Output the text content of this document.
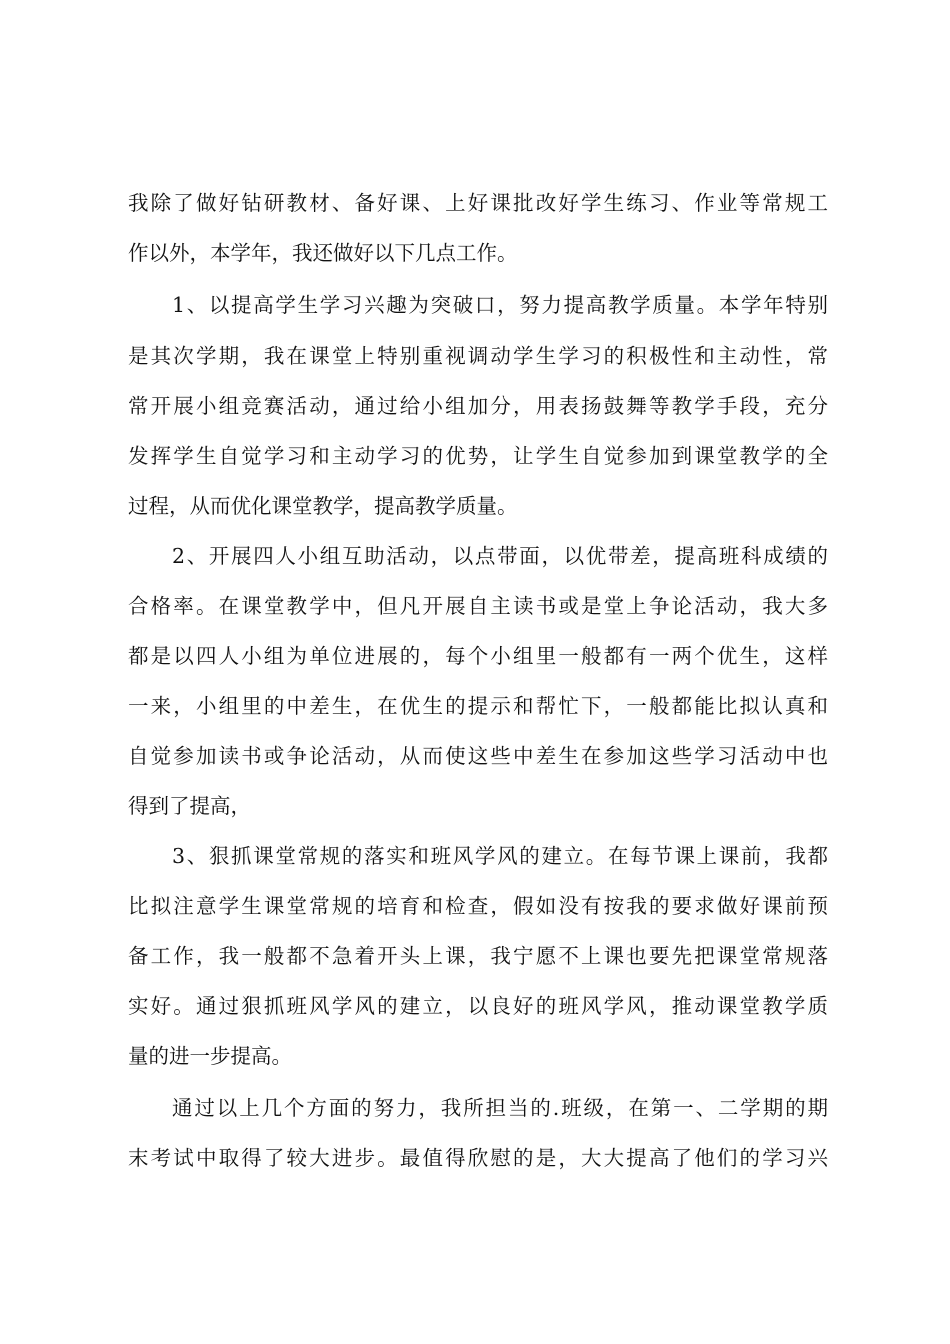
我除了做好钻研教材、备好课、上好课批改好学生练习、作业等常规工

作以外，本学年，我还做好以下几点工作。

1、以提高学生学习兴趣为突破口，努力提高教学质量。本学年特别

是其次学期，我在课堂上特别重视调动学生学习的积极性和主动性，常

常开展小组竞赛活动，通过给小组加分，用表扬鼓舞等教学手段，充分

发挥学生自觉学习和主动学习的优势，让学生自觉参加到课堂教学的全

过程，从而优化课堂教学，提高教学质量。

2、开展四人小组互助活动，以点带面，以优带差，提高班科成绩的

合格率。在课堂教学中，但凡开展自主读书或是堂上争论活动，我大多

都是以四人小组为单位进展的，每个小组里一般都有一两个优生，这样

一来，小组里的中差生，在优生的提示和帮忙下，一般都能比拟认真和

自觉参加读书或争论活动，从而使这些中差生在参加这些学习活动中也

得到了提高，

3、狠抓课堂常规的落实和班风学风的建立。在每节课上课前，我都

比拟注意学生课堂常规的培育和检查，假如没有按我的要求做好课前预

备工作，我一般都不急着开头上课，我宁愿不上课也要先把课堂常规落

实好。通过狠抓班风学风的建立，以良好的班风学风，推动课堂教学质

量的进一步提高。

通过以上几个方面的努力，我所担当的.班级，在第一、二学期的期

末考试中取得了较大进步。最值得欣慰的是，大大提高了他们的学习兴
